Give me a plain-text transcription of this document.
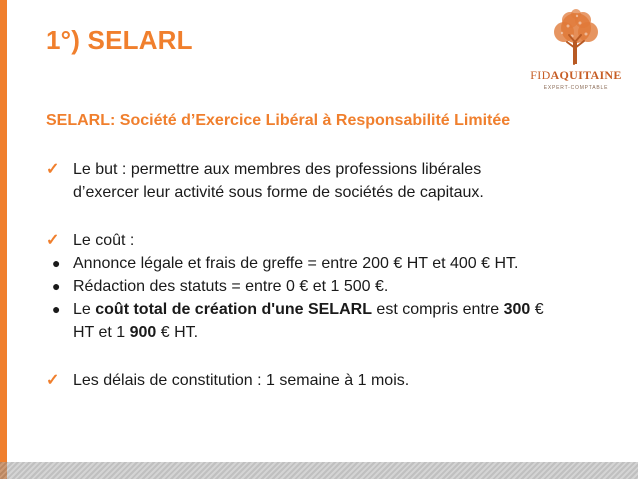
1°) SELARL
FIDAQUITAINE
EXPERT-COMPTABLE
SELARL: Société d’Exercice Libéral à Responsabilité Limitée
✓ Le but : permettre aux membres des professions libérales
d’exercer leur activité sous forme de sociétés de capitaux.
✓ Le coût :
● Annonce légale et frais de greffe = entre 200 € HT et 400 € HT.
● Rédaction des statuts = entre 0 € et 1 500 €.
● Le coût total de création d'une SELARL est compris entre 300 €
HT et 1 900 € HT.
✓ Les délais de constitution : 1 semaine à 1 mois.
